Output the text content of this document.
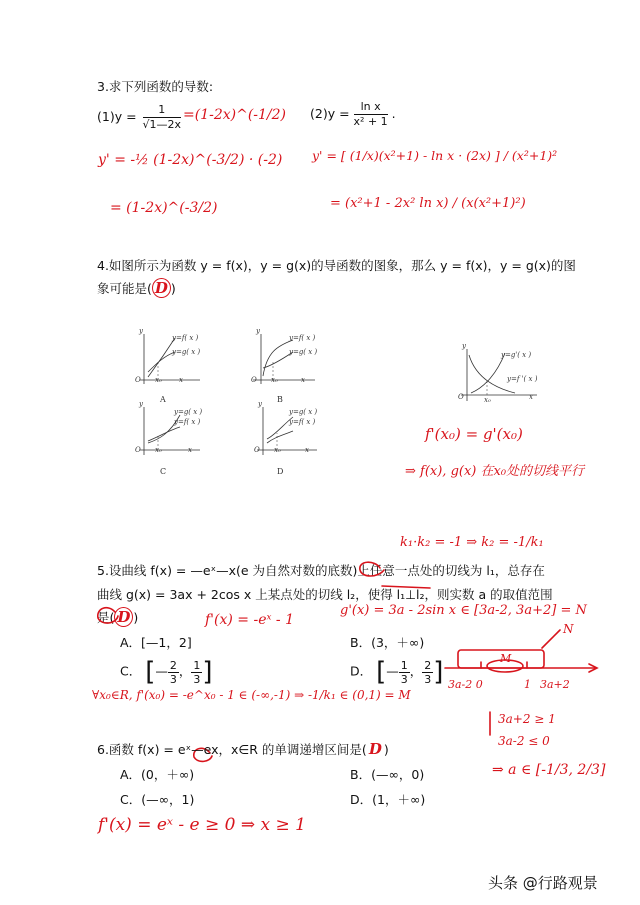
3.求下列函数的导数:
$(1)y = \frac{1}{√1—2x}$	$(2)y = \frac{\text{ln x}}{\text{x² + 1}}$ .
=(1-2x)^(-1/2)
y' = -½ (1-2x)^(-3/2) · (-2)
= (1-2x)^(-3/2)
y' = [ (1/x)(x²+1) - ln x · (2x) ] / (x²+1)²
= (x²+1 - 2x² ln x) / (x(x²+1)²)
4.如图所示为函数 y = f(x)，y = g(x)的导函数的图象，那么 y = f(x)，y = g(x)的图
象可能是( D )
y
O	x
x₀
y=f( x )
y=g( x )
A
y
O	x
x₀
y=f( x )
y=g( x )
B
y
O	x
x₀
y=g( x )
y=f( x )
C
y
O	x
x₀
y=g( x )
y=f( x )
D
y
O	x
x₀
y=g'( x )
y=f '( x )
f'(x₀) = g'(x₀)
⇒ f(x), g(x) 在x₀处的切线平行
k₁·k₂ = -1 ⇒ k₂ = -1/k₁
5.设曲线 f(x) = —eˣ—x(e 为自然对数的底数)上任意一点处的切线为 l₁，总存在
曲线 g(x) = 3ax + 2cos x 上某点处的切线 l₂，使得 l₁⊥l₂，则实数 a 的取值范围
是( D )	f'(x) = -eˣ - 1
g'(x) = 3a - 2sin x ∈ [3a-2, 3a+2] = N
A．[—1，2]	B．(3，＋∞)
C． [— $\frac{2}{3}$ ， $\frac{1}{3}$ ]	D． [— $\frac{1}{3}$ ， $\frac{2}{3}$ ] 3a-2 0	1 3a+2
M
N
∀x₀∈R, f'(x₀) = -e^x₀ - 1 ∈ (-∞,-1) ⇒ -1/k₁ ∈ (0,1) = M
3a+2 ≥ 1
3a-2 ≤ 0
⇒ a ∈ [-1/3, 2/3]
6.函数 f(x) = eˣ—ex，x∈R 的单调递增区间是( D )
A．(0，＋∞)	B．(—∞，0)
C．(—∞，1)	D．(1，＋∞)
f'(x) = eˣ - e ≥ 0 ⇒ x ≥ 1
头条 @行路观景
